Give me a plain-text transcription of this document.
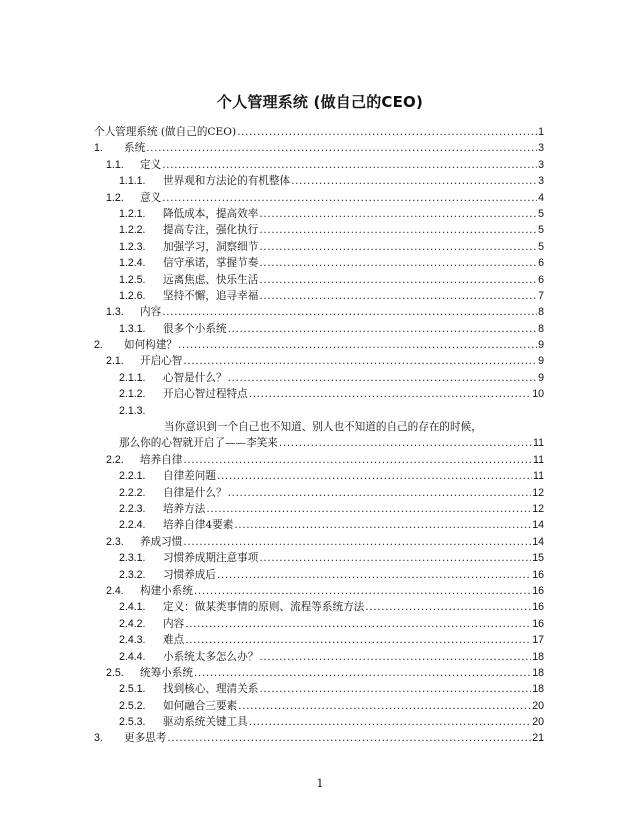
个人管理系统 (做自己的CEO)
个人管理系统 (做自己的CEO) .....	1
1.	系统 .....	3
1.1.	定义 .....	3
1.1.1.	世界观和方法论的有机整体 .....	3
1.2.	意义 .....	4
1.2.1.	降低成本，提高效率 .....	5
1.2.2.	提高专注，强化执行 .....	5
1.2.3.	加强学习，洞察细节 .....	5
1.2.4.	信守承诺，掌握节奏 .....	6
1.2.5.	远离焦虑、快乐生活 .....	6
1.2.6.	坚持不懈，追寻幸福 .....	7
1.3.	内容 .....	8
1.3.1.	很多个小系统 .....	8
2.	如何构建？ .....	9
2.1.	开启心智 .....	9
2.1.1.	心智是什么？ .....	9
2.1.2.	开启心智过程特点 .....	10
2.1.3.
当你意识到一个自己也不知道、别人也不知道的自己的存在的时候，
那么你的心智就开启了——李笑来 .....	11
2.2.	培养自律 .....	11
2.2.1.	自律差问题 .....	11
2.2.2.	自律是什么？ .....	12
2.2.3.	培养方法 .....	12
2.2.4.	培养自律4要素 .....	14
2.3.	养成习惯 .....	14
2.3.1.	习惯养成期注意事项 .....	15
2.3.2.	习惯养成后 .....	16
2.4.	构建小系统 .....	16
2.4.1.	定义：做某类事情的原则、流程等系统方法 .....	16
2.4.2.	内容 .....	16
2.4.3.	难点 .....	17
2.4.4.	小系统太多怎么办？ .....	18
2.5.	统筹小系统 .....	18
2.5.1.	找到核心、理清关系 .....	18
2.5.2.	如何融合三要素 .....	20
2.5.3.	驱动系统关键工具 .....	20
3.	更多思考 .....	21
1
